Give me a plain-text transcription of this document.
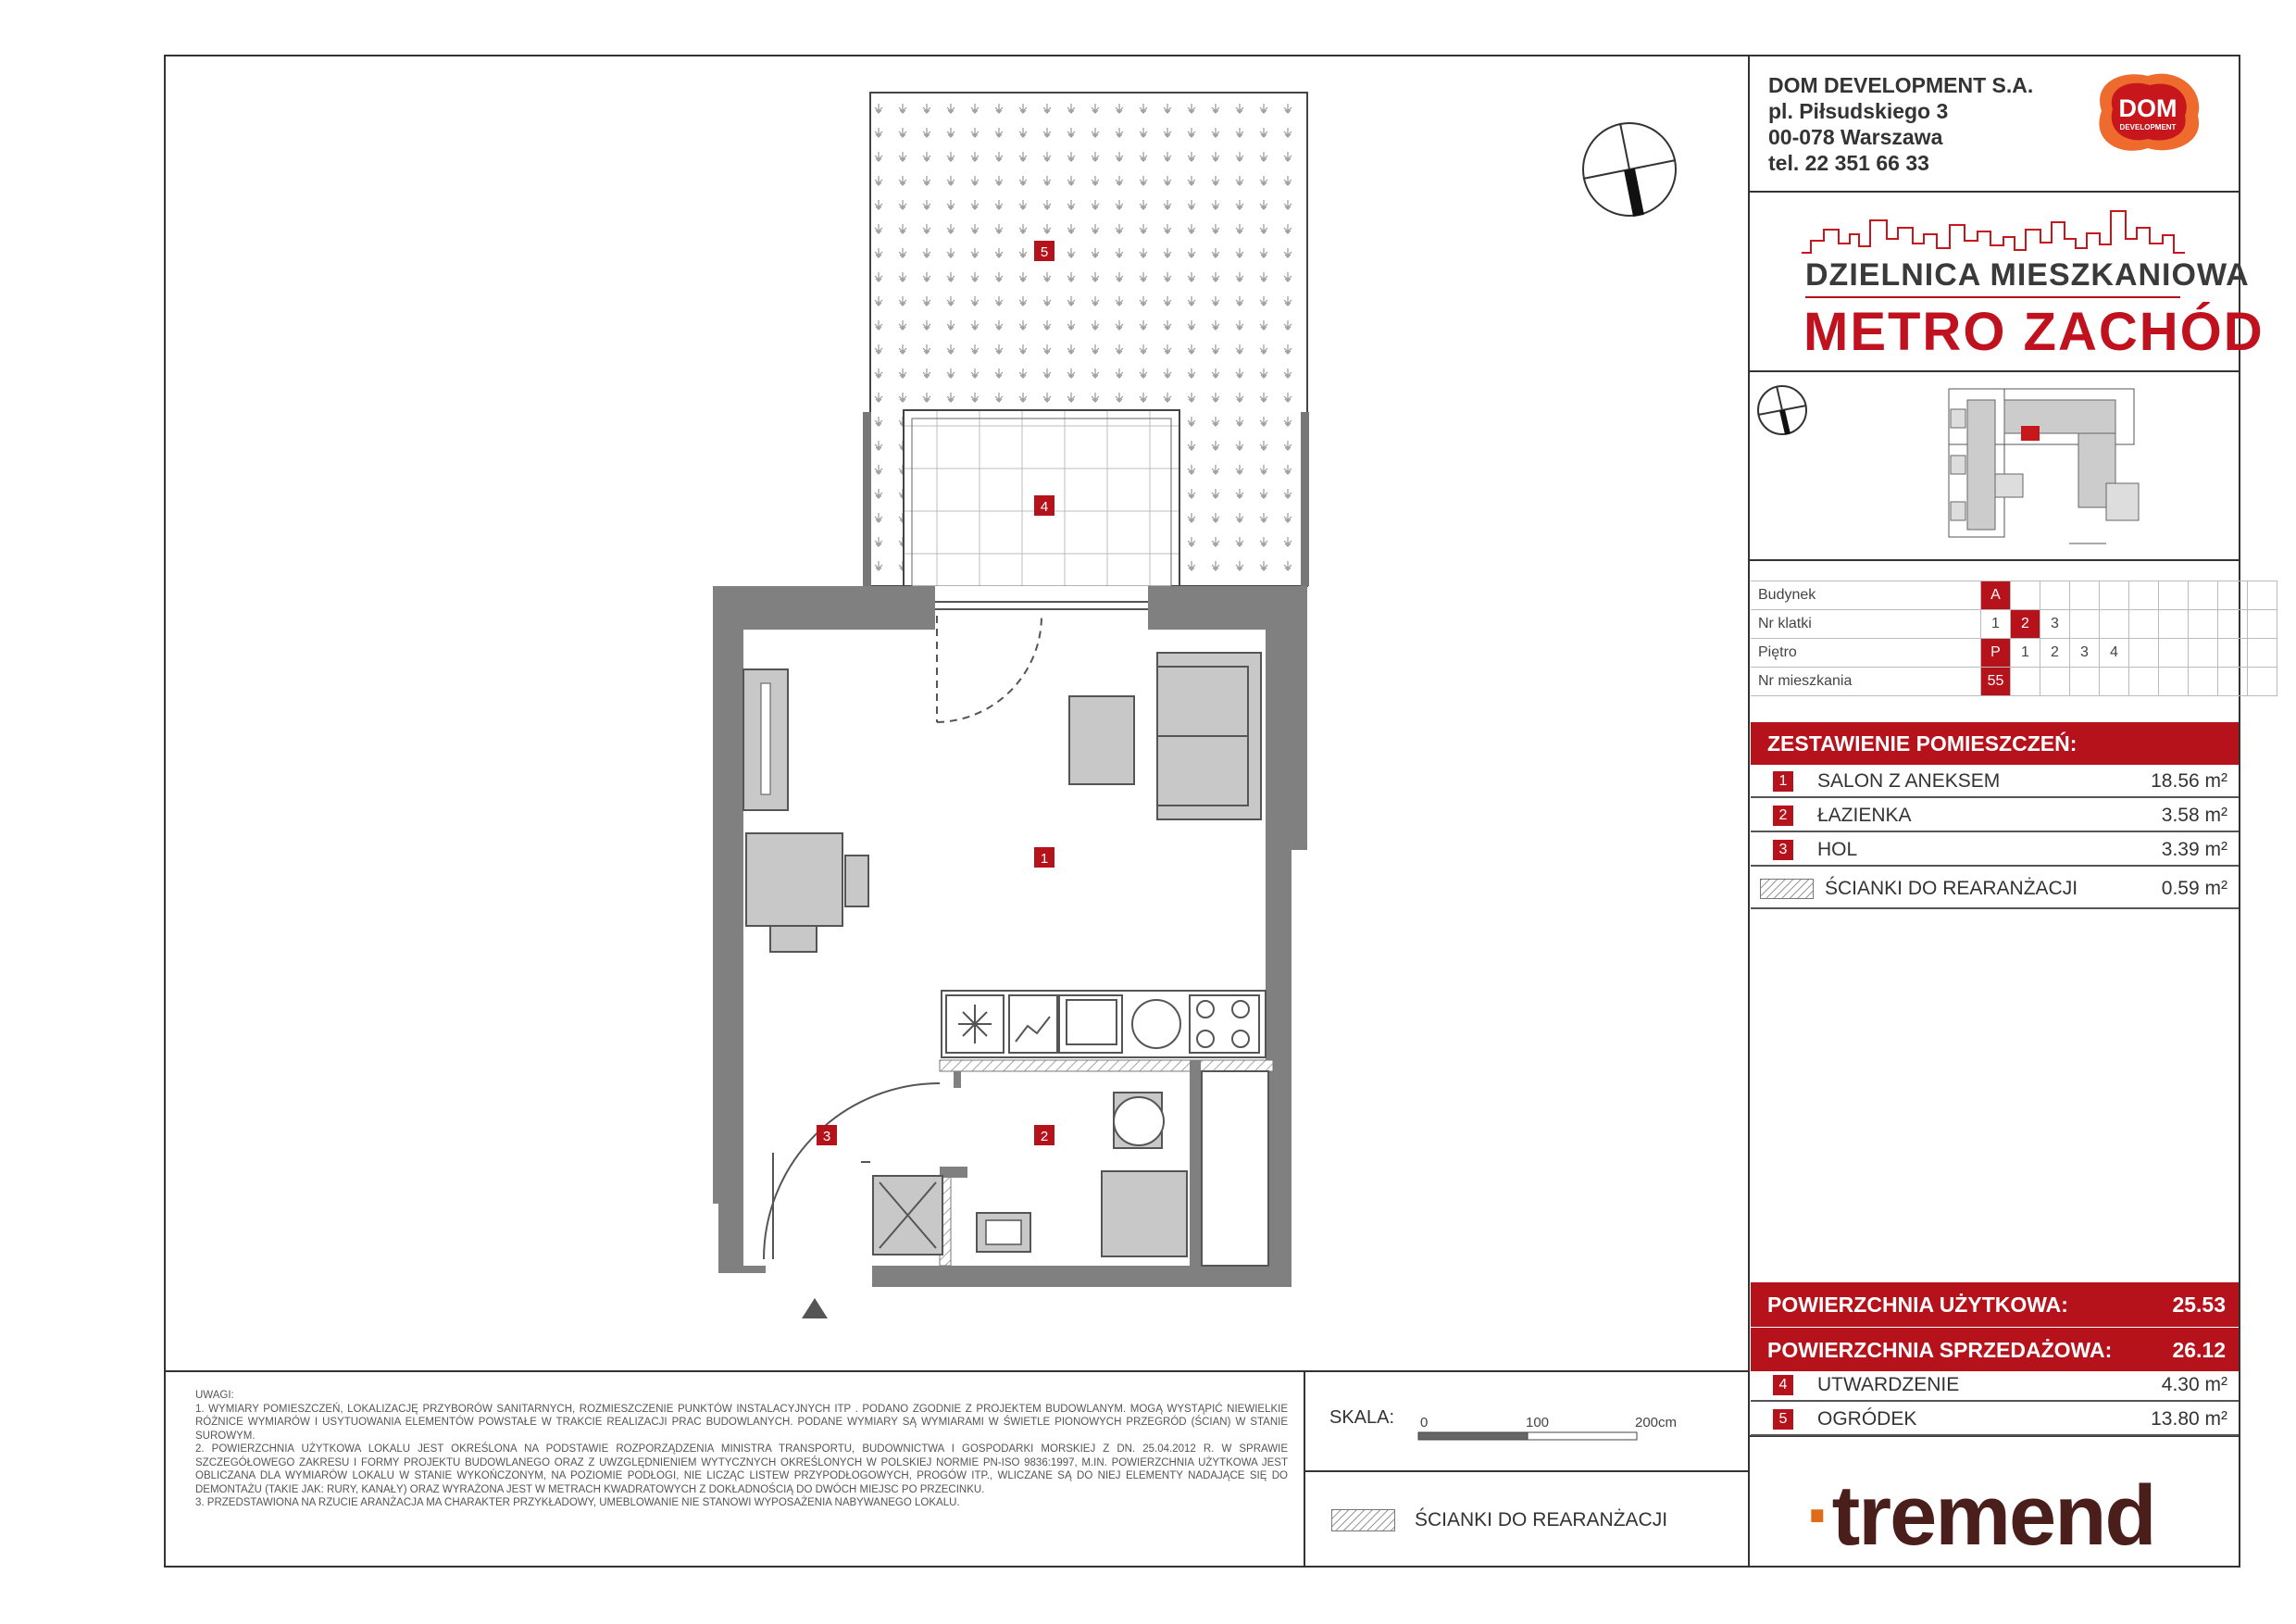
DOM DEVELOPMENT S.A.
pl. Piłsudskiego 3
00-078 Warszawa
tel. 22 351 66 33
DOM
DEVELOPMENT
DZIELNICA MIESZKANIOWA
METRO ZACHÓD
Budynek	A									
Nr klatki	1	2	3							
Piętro	P	1	2	3	4					
Nr mieszkania	55									
ZESTAWIENIE POMIESZCZEŃ:
1	SALON Z ANEKSEM	18.56 m²
2	ŁAZIENKA	3.58 m²
3	HOL	3.39 m²
ŚCIANKI DO REARANŻACJI	0.59 m²
POWIERZCHNIA UŻYTKOWA:	25.53
POWIERZCHNIA SPRZEDAŻOWA:	26.12
4	UTWARDZENIE	4.30 m²
5	OGRÓDEK	13.80 m²
1
2
3
4
5

UWAGI:

1. WYMIARY POMIESZCZEŃ, LOKALIZACJĘ PRZYBORÓW SANITARNYCH, ROZMIESZCZENIE PUNKTÓW INSTALACYJNYCH ITP . PODANO ZGODNIE Z PROJEKTEM BUDOWLANYM. MOGĄ WYSTĄPIĆ NIEWIELKIE RÓŻNICE WYMIARÓW I USYTUOWANIA ELEMENTÓW POWSTAŁE W TRAKCIE REALIZACJI PRAC BUDOWLANYCH. PODANE WYMIARY SĄ WYMIARAMI W ŚWIETLE PIONOWYCH PRZEGRÓD (ŚCIAN) W STANIE SUROWYM.

2. POWIERZCHNIA UŻYTKOWA LOKALU JEST OKREŚLONA NA PODSTAWIE ROZPORZĄDZENIA MINISTRA TRANSPORTU, BUDOWNICTWA I GOSPODARKI MORSKIEJ Z DN. 25.04.2012 R. W SPRAWIE SZCZEGÓŁOWEGO ZAKRESU I FORMY PROJEKTU BUDOWLANEGO ORAZ Z UWZGLĘDNIENIEM WYTYCZNYCH OKREŚLONYCH W POLSKIEJ NORMIE PN-ISO 9836:1997, M.IN. POWIERZCHNIA UŻYTKOWA JEST OBLICZANA DLA WYMIARÓW LOKALU W STANIE WYKOŃCZONYM, NA POZIOMIE PODŁOGI, NIE LICZĄC LISTEW PRZYPODŁOGOWYCH, PROGÓW ITP., WLICZANE SĄ DO NIEJ ELEMENTY NADAJĄCE SIĘ DO DEMONTAŻU (TAKIE JAK: RURY, KANAŁY) ORAZ WYRAŻONA JEST W METRACH KWADRATOWYCH Z DOKŁADNOŚCIĄ DO DWÓCH MIEJSC PO PRZECINKU.

3. PRZEDSTAWIONA NA RZUCIE ARANŻACJA MA CHARAKTER PRZYKŁADOWY, UMEBLOWANIE NIE STANOWI WYPOSAŻENIA NABYWANEGO LOKALU.

SKALA: 0	100	200cm
ŚCIANKI DO REARANŻACJI ·tremend
